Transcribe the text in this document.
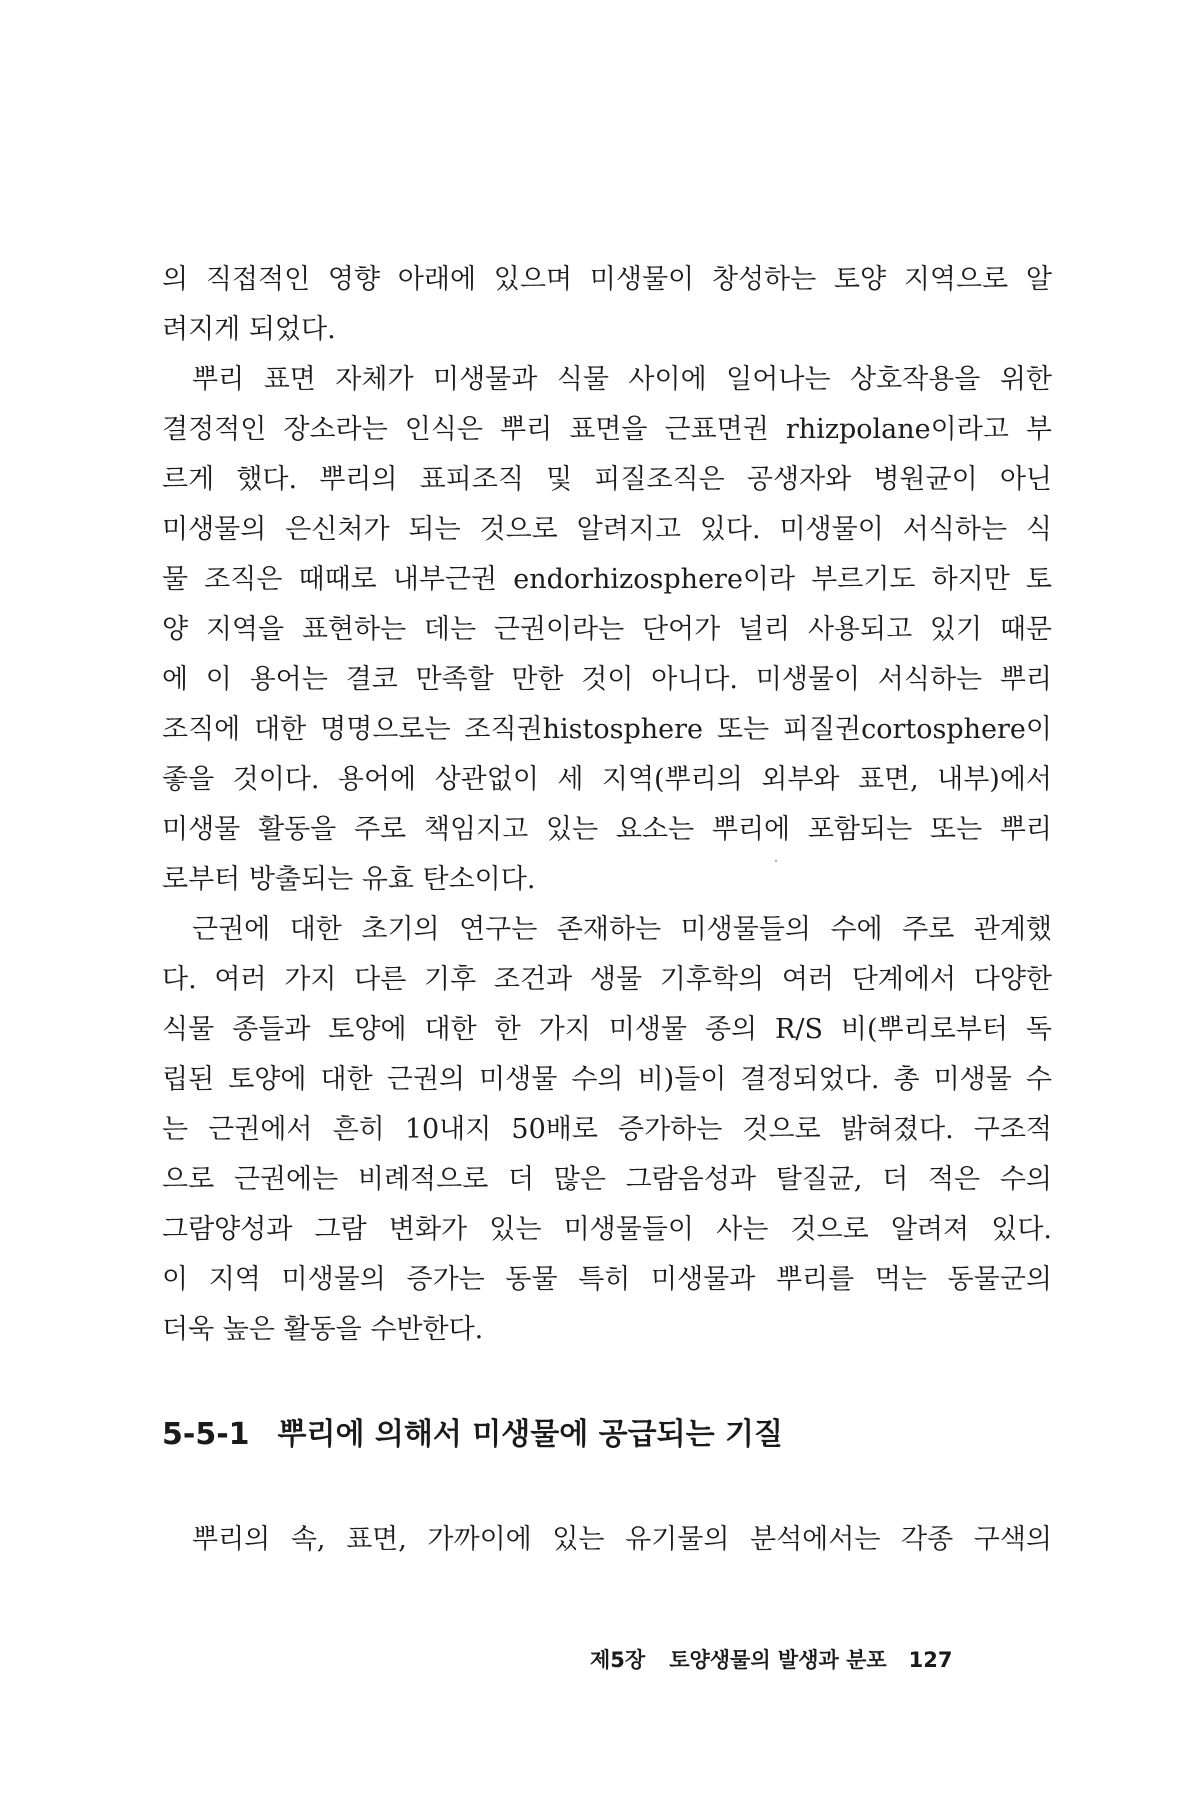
의 직접적인 영향 아래에 있으며 미생물이 창성하는 토양 지역으로 알
려지게 되었다.
뿌리 표면 자체가 미생물과 식물 사이에 일어나는 상호작용을 위한
결정적인 장소라는 인식은 뿌리 표면을 근표면권 rhizpolane이라고 부
르게 했다. 뿌리의 표피조직 및 피질조직은 공생자와 병원균이 아닌
미생물의 은신처가 되는 것으로 알려지고 있다. 미생물이 서식하는 식
물 조직은 때때로 내부근권 endorhizosphere이라 부르기도 하지만 토
양 지역을 표현하는 데는 근권이라는 단어가 널리 사용되고 있기 때문
에 이 용어는 결코 만족할 만한 것이 아니다. 미생물이 서식하는 뿌리
조직에 대한 명명으로는 조직권histosphere 또는 피질권cortosphere이
좋을 것이다. 용어에 상관없이 세 지역(뿌리의 외부와 표면, 내부)에서
미생물 활동을 주로 책임지고 있는 요소는 뿌리에 포함되는 또는 뿌리
로부터 방출되는 유효 탄소이다.
근권에 대한 초기의 연구는 존재하는 미생물들의 수에 주로 관계했
다. 여러 가지 다른 기후 조건과 생물 기후학의 여러 단계에서 다양한
식물 종들과 토양에 대한 한 가지 미생물 종의 R/S 비(뿌리로부터 독
립된 토양에 대한 근권의 미생물 수의 비)들이 결정되었다. 총 미생물 수
는 근권에서 흔히 10내지 50배로 증가하는 것으로 밝혀졌다. 구조적
으로 근권에는 비례적으로 더 많은 그람음성과 탈질균, 더 적은 수의
그람양성과 그람 변화가 있는 미생물들이 사는 것으로 알려져 있다.
이 지역 미생물의 증가는 동물 특히 미생물과 뿌리를 먹는 동물군의
더욱 높은 활동을 수반한다.
5-5-1 뿌리에 의해서 미생물에 공급되는 기질
뿌리의 속, 표면, 가까이에 있는 유기물의 분석에서는 각종 구색의
제5장 토양생물의 발생과 분포 127
